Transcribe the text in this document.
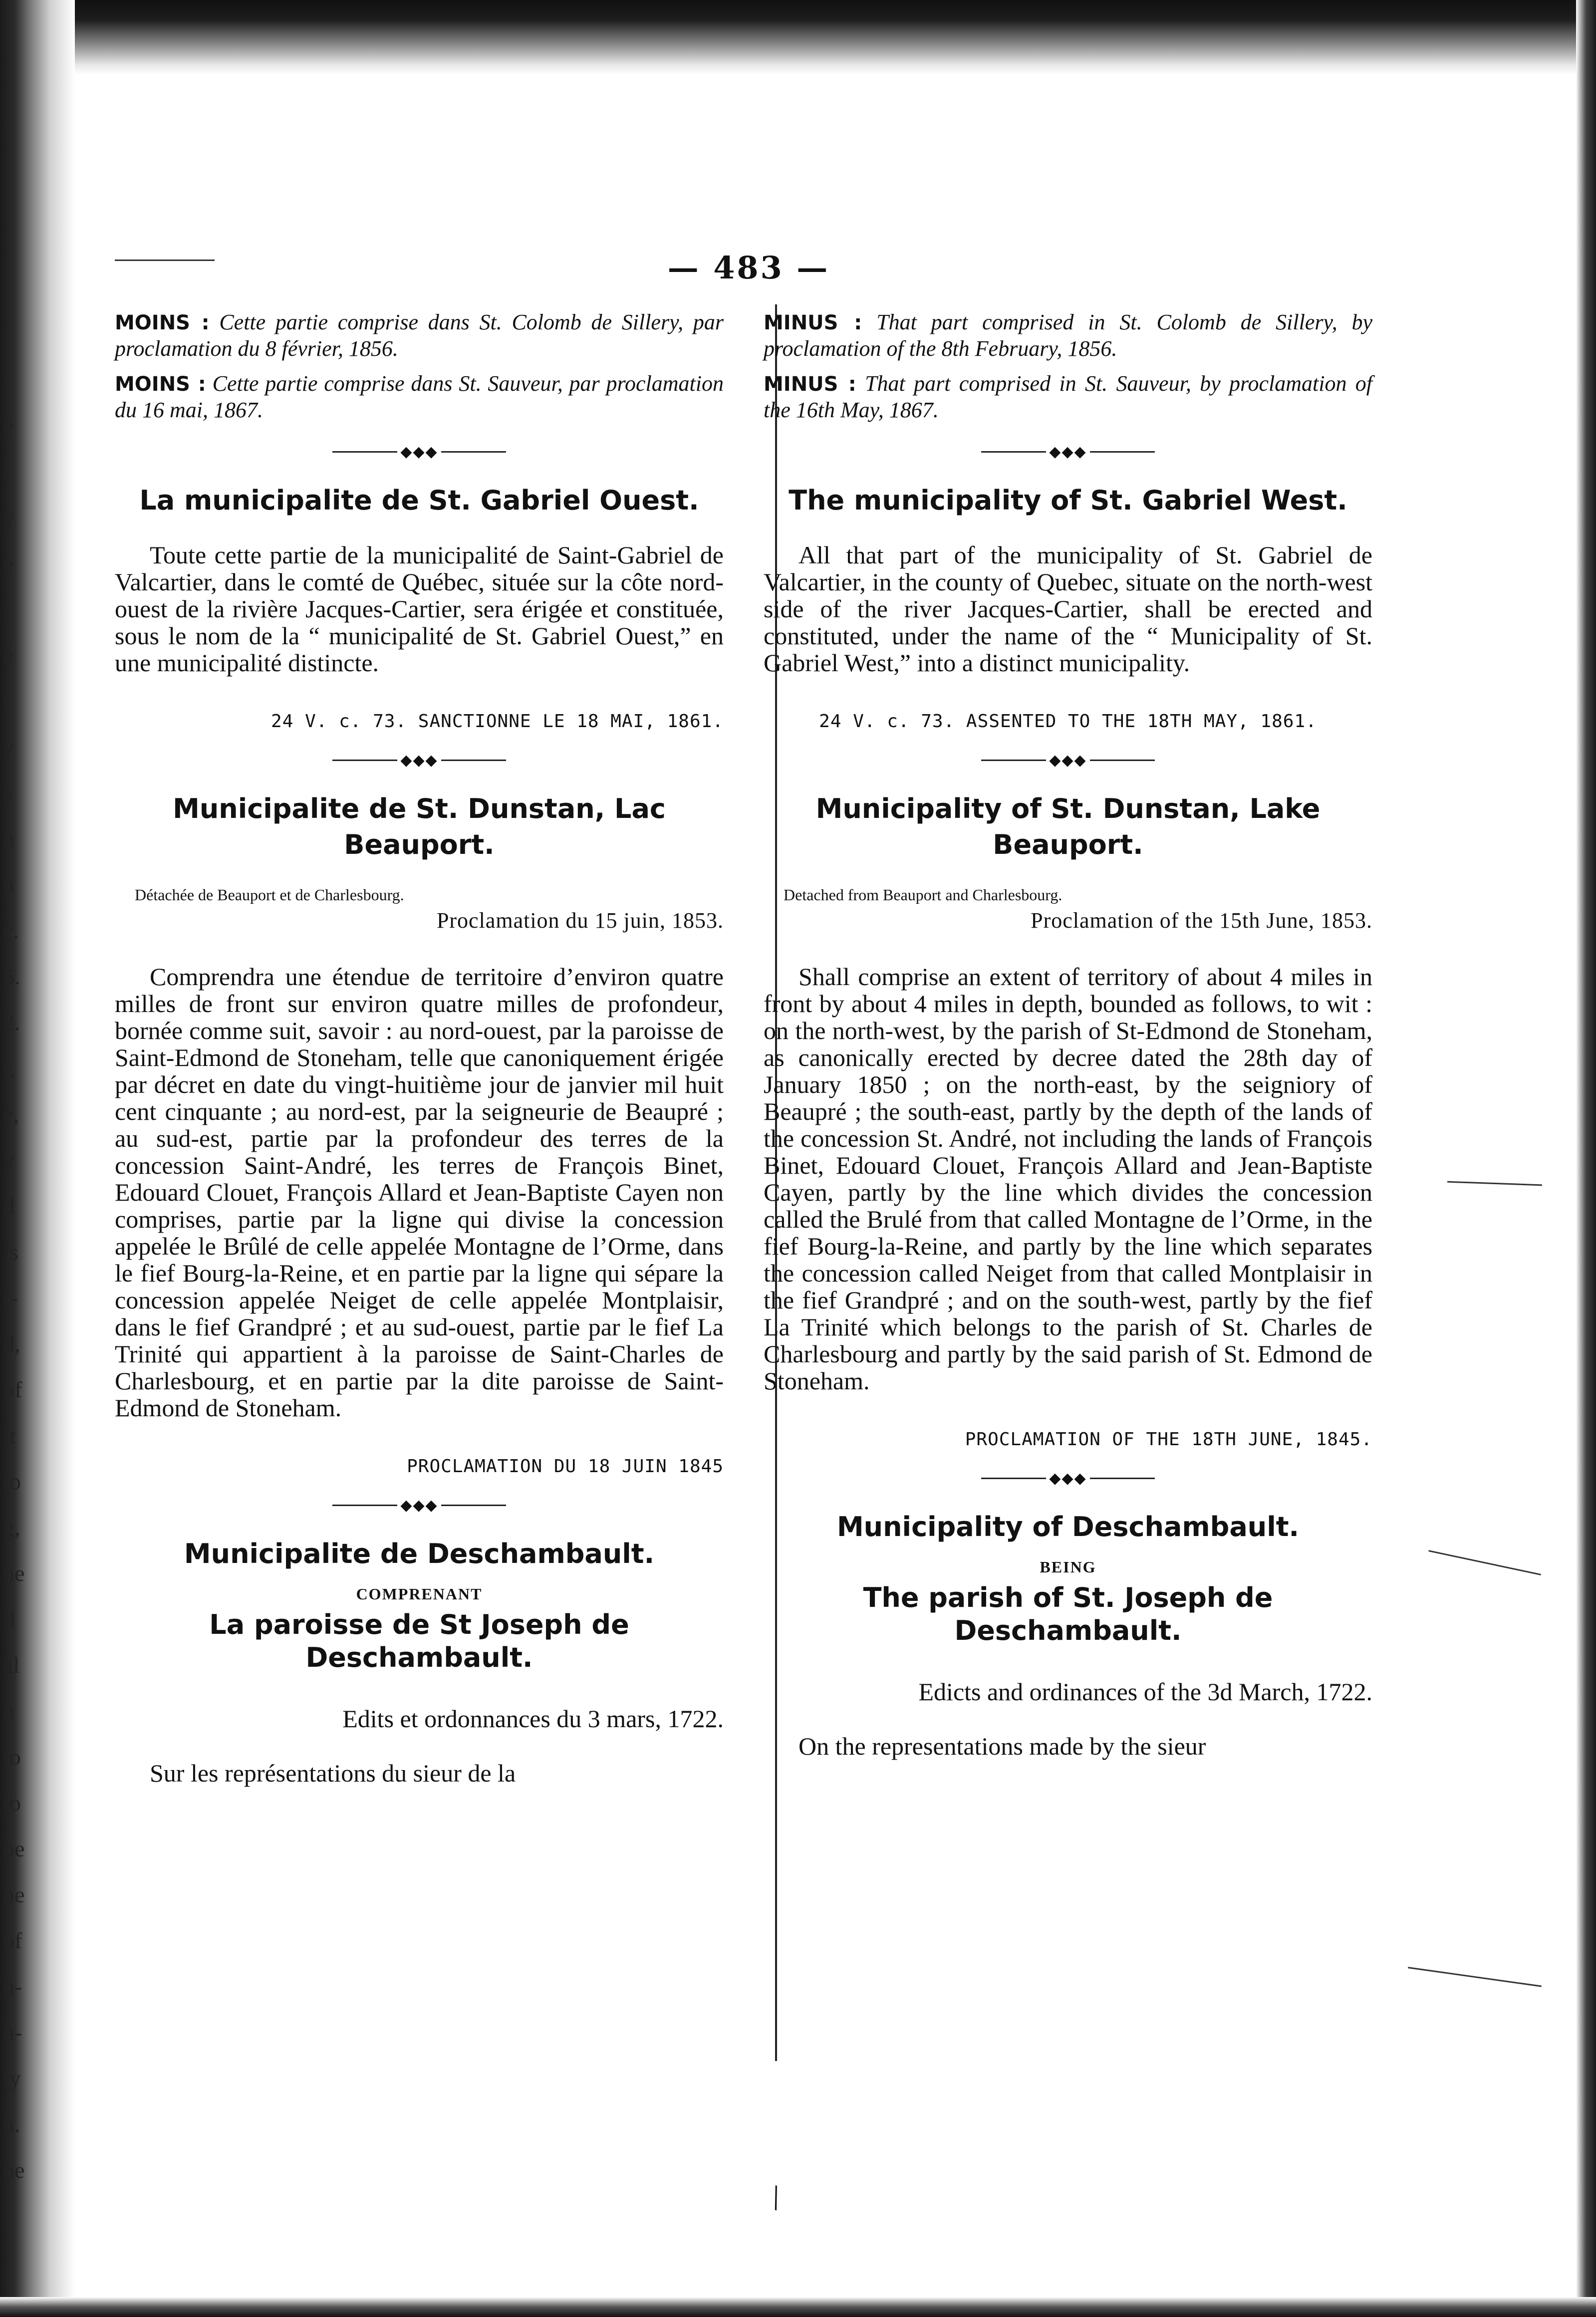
e
t
y
e
,
é
t
y
s
n
n
c.
5.
2.
r,
e,
y
d
’s
r-
d,
of
it
to
g,
ne
ll
al
n
to
to
oe
ne
of
n-
n-
ty
h.
ne
— 483 —

MOINS : Cette partie comprise dans St. Colomb de Sillery, par proclamation du 8 février, 1856.

MOINS : Cette partie comprise dans St. Sauveur, par proclamation du 16 mai, 1867.

◆◆◆
La municipalite de St. Gabriel Ouest.

Toute cette partie de la municipalité de Saint-Gabriel de Valcartier, dans le comté de Québec, située sur la côte nord-ouest de la rivière Jacques-Cartier, sera érigée et constituée, sous le nom de la “ municipalité de St. Gabriel Ouest,” en une municipalité distincte.

24 V. c. 73. SANCTIONNE LE 18 MAI, 1861.
◆◆◆
Municipalite de St. Dunstan, Lac Beauport.
Détachée de Beauport et de Charlesbourg.
Proclamation du 15 juin, 1853.

Comprendra une étendue de territoire d’environ quatre milles de front sur environ quatre milles de profondeur, bornée comme suit, savoir : au nord-ouest, par la paroisse de Saint-Edmond de Stoneham, telle que canoniquement érigée par décret en date du vingt-huitième jour de janvier mil huit cent cinquante ; au nord-est, par la seigneurie de Beaupré ; au sud-est, partie par la profondeur des terres de la concession Saint-André, les terres de François Binet, Edouard Clouet, François Allard et Jean-Baptiste Cayen non comprises, partie par la ligne qui divise la concession appelée le Brûlé de celle appelée Montagne de l’Orme, dans le fief Bourg-la-Reine, et en partie par la ligne qui sépare la concession appelée Neiget de celle appelée Montplaisir, dans le fief Grandpré ; et au sud-ouest, partie par le fief La Trinité qui appartient à la paroisse de Saint-Charles de Charlesbourg, et en partie par la dite paroisse de Saint-Edmond de Stoneham.

PROCLAMATION DU 18 JUIN 1845
◆◆◆
Municipalite de Deschambault.
COMPRENANT
La paroisse de St Joseph de Deschambault.
Edits et ordonnances du 3 mars, 1722.

Sur les représentations du sieur de la

MINUS : That part comprised in St. Colomb de Sillery, by proclamation of the 8th February, 1856.

MINUS : That part comprised in St. Sauveur, by proclamation of the 16th May, 1867.

◆◆◆
The municipality of St. Gabriel West.

All that part of the municipality of St. Gabriel de Valcartier, in the county of Quebec, situate on the north-west side of the river Jacques-Cartier, shall be erected and constituted, under the name of the “ Municipality of St. Gabriel West,” into a distinct municipality.

24 V. c. 73. ASSENTED TO THE 18TH MAY, 1861.
◆◆◆
Municipality of St. Dunstan, Lake Beauport.
Detached from Beauport and Charlesbourg.
Proclamation of the 15th June, 1853.

Shall comprise an extent of territory of about 4 miles in front by about 4 miles in depth, bounded as follows, to wit : on the north-west, by the parish of St-Edmond de Stoneham, as canonically erected by decree dated the 28th day of January 1850 ; on the north-east, by the seigniory of Beaupré ; the south-east, partly by the depth of the lands of the concession St. André, not including the lands of François Binet, Edouard Clouet, François Allard and Jean-Baptiste Cayen, partly by the line which divides the concession called the Brulé from that called Montagne de l’Orme, in the fief Bourg-la-Reine, and partly by the line which separates the concession called Neiget from that called Montplaisir in the fief Grandpré ; and on the south-west, partly by the fief La Trinité which belongs to the parish of St. Charles de Charlesbourg and partly by the said parish of St. Edmond de Stoneham.

PROCLAMATION OF THE 18TH JUNE, 1845.
◆◆◆
Municipality of Deschambault.
BEING
The parish of St. Joseph de Deschambault.
Edicts and ordinances of the 3d March, 1722.

On the representations made by the sieur

\
